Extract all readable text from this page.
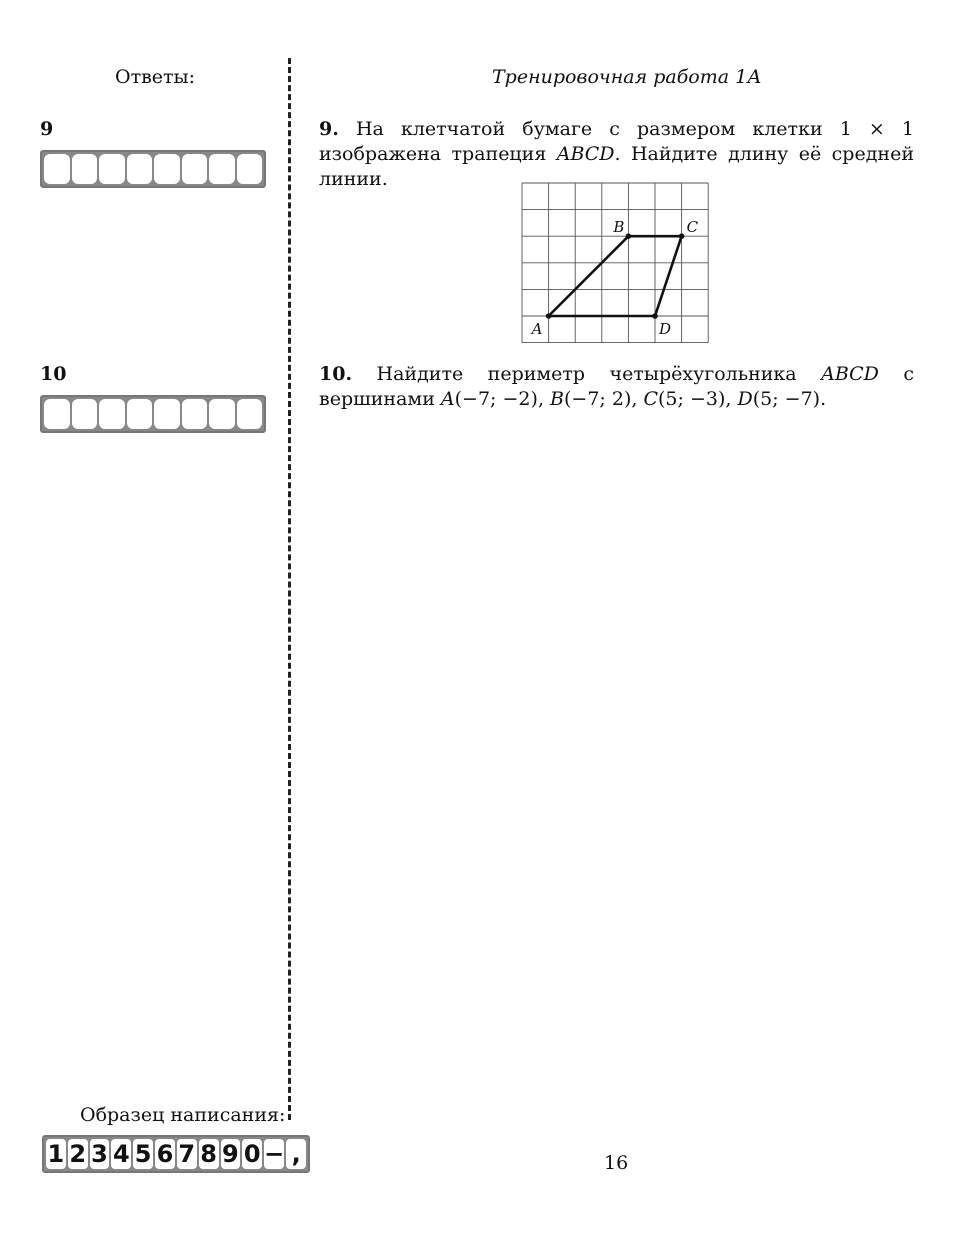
Ответы:	Тренировочная работа 1А
9
10
9. На клетчатой бумаге с размером клетки 1 × 1 изображена трапеция ABCD. Найдите длину её средней линии.
A
B	C
D
10. Найдите периметр четырёхугольника ABCD с вершинами A(−7; −2), B(−7; 2), C(5; −3), D(5; −7).
Образец написания:
1 2 3 4 5 6 7 8 9 0 − ,	16
